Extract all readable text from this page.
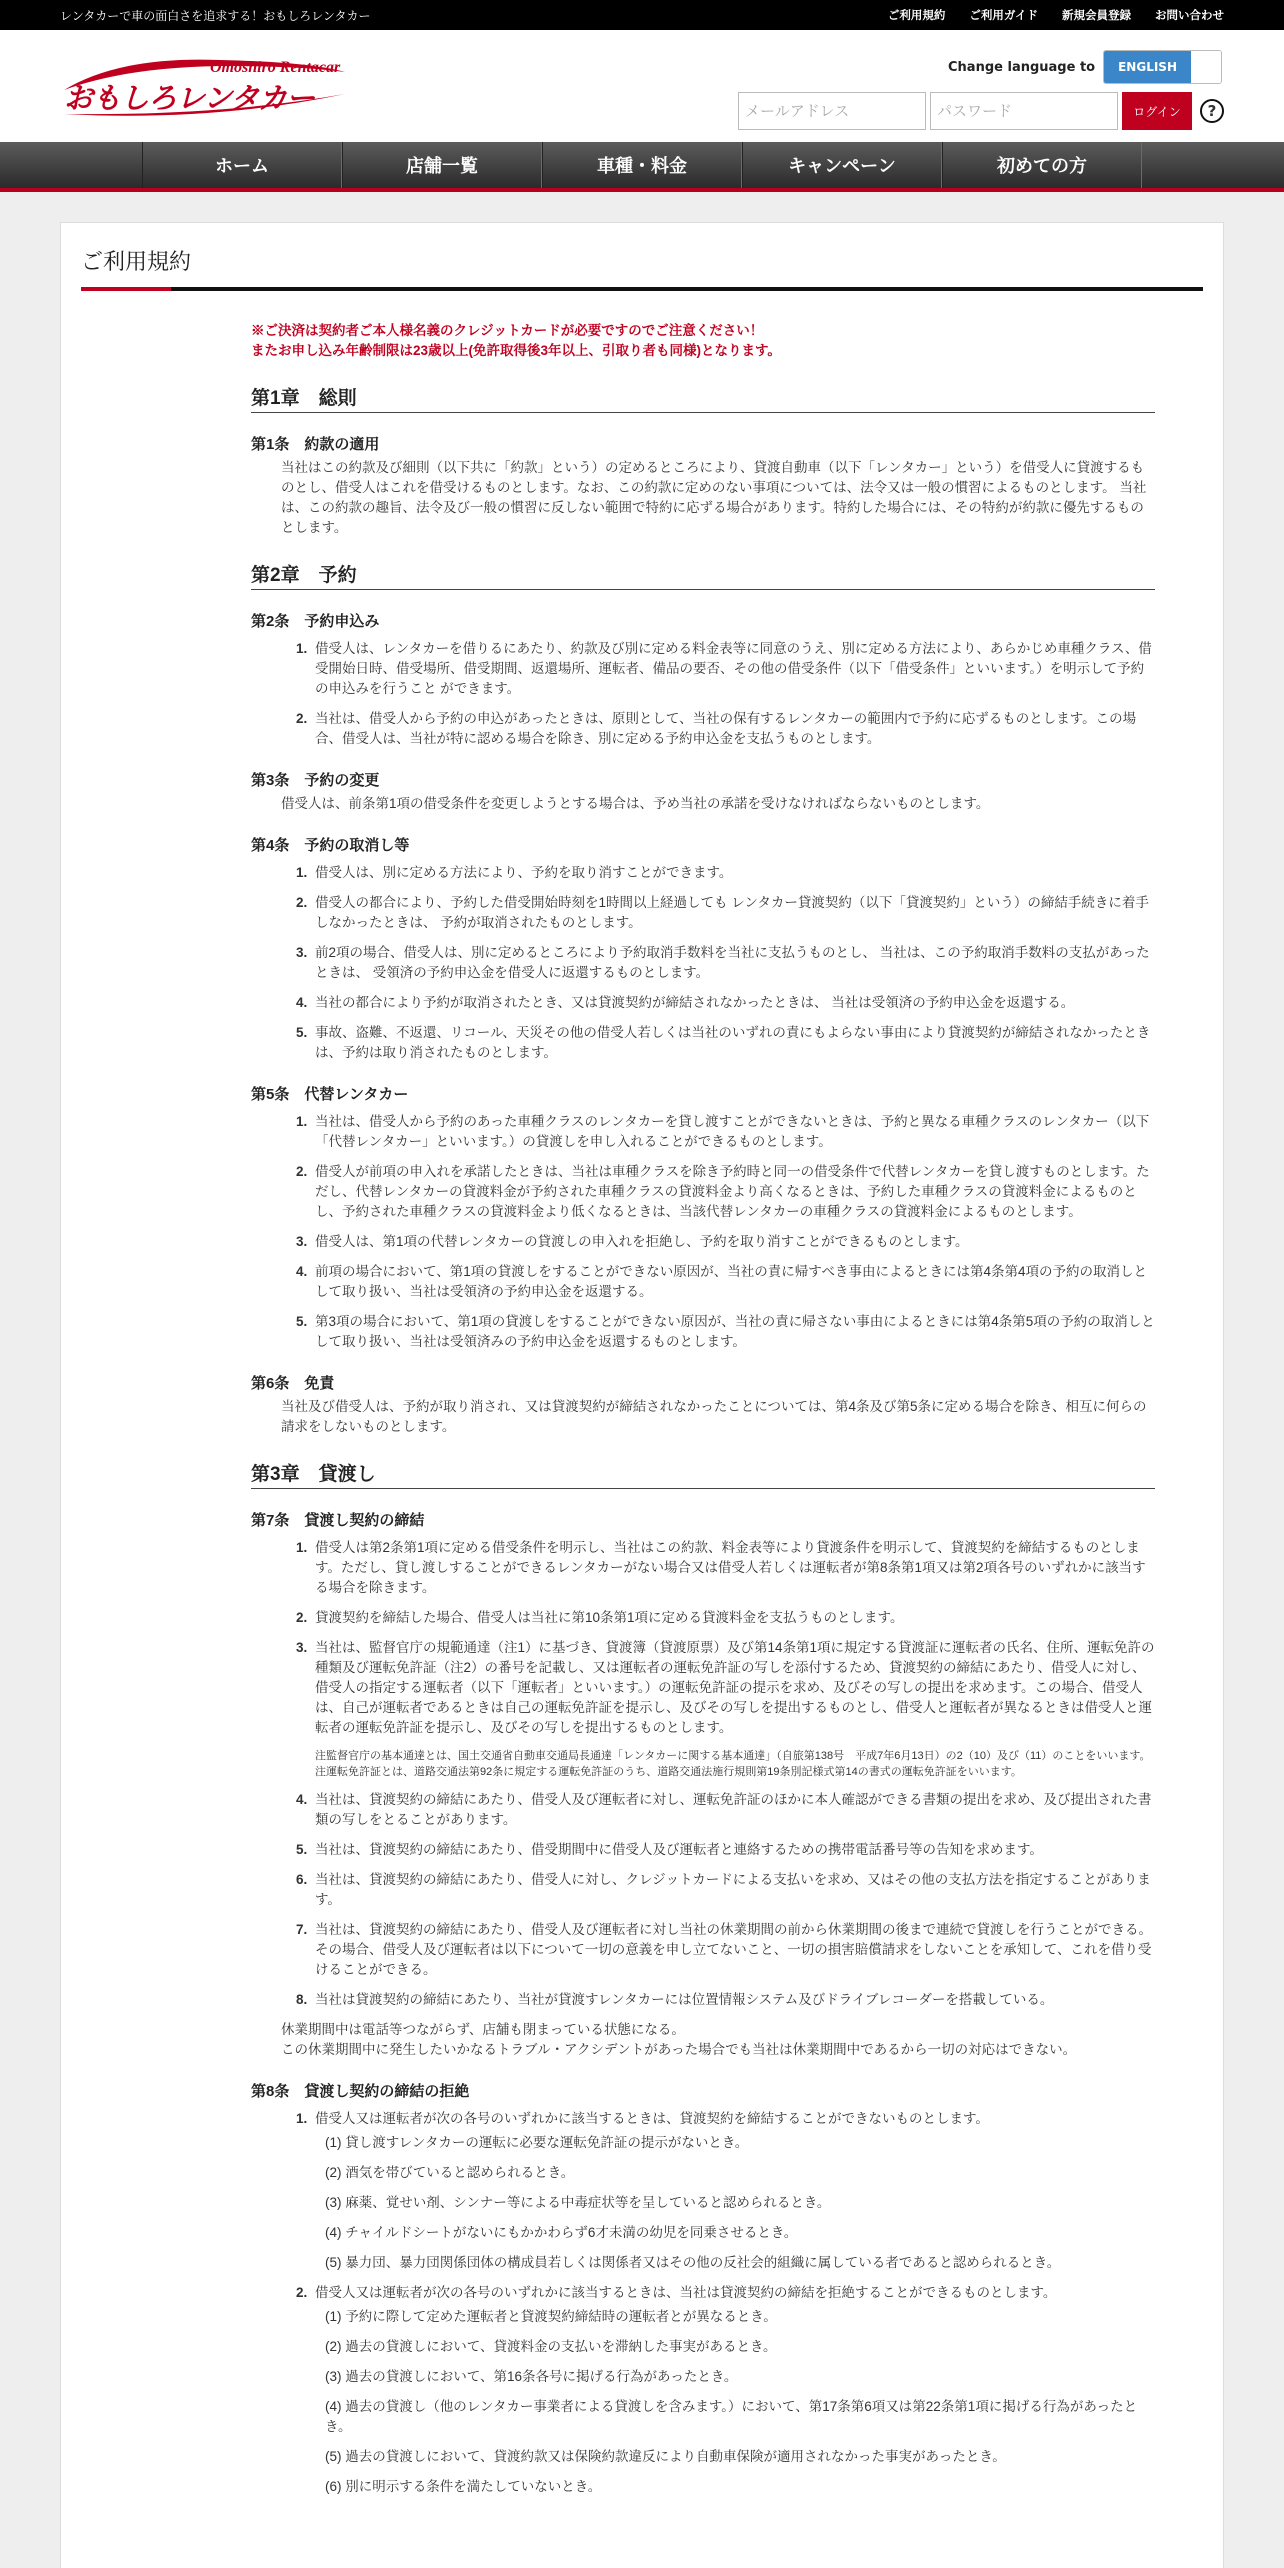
レンタカーで車の面白さを追求する！おもしろレンタカー	ご利用規約 ご利用ガイド 新規会員登録 お問い合わせ
Omoshiro Rentacar
おもしろレンタカー
Change language to	ENGLISH
メールアドレス
ログイン	?
ホーム	店舗一覧	車種・料金	キャンペーン	初めての方
ご利用規約
※ご決済は契約者ご本人様名義のクレジットカードが必要ですのでご注意ください！
またお申し込み年齢制限は23歳以上(免許取得後3年以上、引取り者も同様)となります。
第1章　総則
第1条　約款の適用
当社はこの約款及び細則（以下共に「約款」という）の定めるところにより、貸渡自動車（以下「レンタカー」という）を借受人に貸渡するものとし、借受人はこれを借受けるものとします。なお、この約款に定めのない事項については、法令又は一般の慣習によるものとします。 当社は、この約款の趣旨、法令及び一般の慣習に反しない範囲で特約に応ずる場合があります。特約した場合には、その特約が約款に優先するものとします。
第2章　予約
第2条　予約申込み
1. 借受人は、レンタカーを借りるにあたり、約款及び別に定める料金表等に同意のうえ、別に定める方法により、あらかじめ車種クラス、借受開始日時、借受場所、借受期間、返還場所、運転者、備品の要否、その他の借受条件（以下「借受条件」といいます。）を明示して予約の申込みを行うこと ができます。
2. 当社は、借受人から予約の申込があったときは、原則として、当社の保有するレンタカーの範囲内で予約に応ずるものとします。この場合、借受人は、当社が特に認める場合を除き、別に定める予約申込金を支払うものとします。
第3条　予約の変更
借受人は、前条第1項の借受条件を変更しようとする場合は、予め当社の承諾を受けなければならないものとします。
第4条　予約の取消し等
1. 借受人は、別に定める方法により、予約を取り消すことができます。
2. 借受人の都合により、予約した借受開始時刻を1時間以上経過しても レンタカー貸渡契約（以下「貸渡契約」という）の締結手続きに着手しなかったときは、 予約が取消されたものとします。
3. 前2項の場合、借受人は、別に定めるところにより予約取消手数料を当社に支払うものとし、 当社は、この予約取消手数料の支払があったときは、 受領済の予約申込金を借受人に返還するものとします。
4. 当社の都合により予約が取消されたとき、又は貸渡契約が締結されなかったときは、 当社は受領済の予約申込金を返還する。
5. 事故、盗難、不返還、リコール、天災その他の借受人若しくは当社のいずれの責にもよらない事由により貸渡契約が締結されなかったときは、予約は取り消されたものとします。
第5条　代替レンタカー
1. 当社は、借受人から予約のあった車種クラスのレンタカーを貸し渡すことができないときは、予約と異なる車種クラスのレンタカー（以下「代替レンタカー」といいます。）の貸渡しを申し入れることができるものとします。
2. 借受人が前項の申入れを承諾したときは、当社は車種クラスを除き予約時と同一の借受条件で代替レンタカーを貸し渡すものとします。ただし、代替レンタカーの貸渡料金が予約された車種クラスの貸渡料金より高くなるときは、予約した車種クラスの貸渡料金によるものとし、予約された車種クラスの貸渡料金より低くなるときは、当該代替レンタカーの車種クラスの貸渡料金によるものとします。
3. 借受人は、第1項の代替レンタカーの貸渡しの申入れを拒絶し、予約を取り消すことができるものとします。
4. 前項の場合において、第1項の貸渡しをすることができない原因が、当社の責に帰すべき事由によるときには第4条第4項の予約の取消しとして取り扱い、当社は受領済の予約申込金を返還する。
5. 第3項の場合において、第1項の貸渡しをすることができない原因が、当社の責に帰さない事由によるときには第4条第5項の予約の取消しとして取り扱い、当社は受領済みの予約申込金を返還するものとします。
第6条　免責
当社及び借受人は、予約が取り消され、又は貸渡契約が締結されなかったことについては、第4条及び第5条に定める場合を除き、相互に何らの請求をしないものとします。
第3章　貸渡し
第7条　貸渡し契約の締結
1. 借受人は第2条第1項に定める借受条件を明示し、当社はこの約款、料金表等により貸渡条件を明示して、貸渡契約を締結するものとします。ただし、貸し渡しすることができるレンタカーがない場合又は借受人若しくは運転者が第8条第1項又は第2項各号のいずれかに該当する場合を除きます。
2. 貸渡契約を締結した場合、借受人は当社に第10条第1項に定める貸渡料金を支払うものとします。
3. 当社は、監督官庁の規範通達（注1）に基づき、貸渡簿（貸渡原票）及び第14条第1項に規定する貸渡証に運転者の氏名、住所、運転免許の種類及び運転免許証（注2）の番号を記載し、又は運転者の運転免許証の写しを添付するため、貸渡契約の締結にあたり、借受人に対し、借受人の指定する運転者（以下「運転者」といいます。）の運転免許証の提示を求め、及びその写しの提出を求めます。この場合、借受人は、自己が運転者であるときは自己の運転免許証を提示し、及びその写しを提出するものとし、借受人と運転者が異なるときは借受人と運転者の運転免許証を提示し、及びその写しを提出するものとします。
注監督官庁の基本通達とは、国土交通省自動車交通局長通達「レンタカーに関する基本通達」（自旅第138号　平成7年6月13日）の2（10）及び（11）のことをいいます。
注運転免許証とは、道路交通法第92条に規定する運転免許証のうち、道路交通法施行規則第19条別記様式第14の書式の運転免許証をいいます。
4. 当社は、貸渡契約の締結にあたり、借受人及び運転者に対し、運転免許証のほかに本人確認ができる書類の提出を求め、及び提出された書類の写しをとることがあります。
5. 当社は、貸渡契約の締結にあたり、借受期間中に借受人及び運転者と連絡するための携帯電話番号等の告知を求めます。
6. 当社は、貸渡契約の締結にあたり、借受人に対し、クレジットカードによる支払いを求め、又はその他の支払方法を指定することがあります。
7. 当社は、貸渡契約の締結にあたり、借受人及び運転者に対し当社の休業期間の前から休業期間の後まで連続で貸渡しを行うことができる。その場合、借受人及び運転者は以下について一切の意義を申し立てないこと、一切の損害賠償請求をしないことを承知して、これを借り受けることができる。
8. 当社は貸渡契約の締結にあたり、当社が貸渡すレンタカーには位置情報システム及びドライブレコーダーを搭載している。
休業期間中は電話等つながらず、店舗も閉まっている状態になる。
この休業期間中に発生したいかなるトラブル・アクシデントがあった場合でも当社は休業期間中であるから一切の対応はできない。
第8条　貸渡し契約の締結の拒絶
1. 借受人又は運転者が次の各号のいずれかに該当するときは、貸渡契約を締結することができないものとします。
(1) 貸し渡すレンタカーの運転に必要な運転免許証の提示がないとき。
(2) 酒気を帯びていると認められるとき。
(3) 麻薬、覚せい剤、シンナー等による中毒症状等を呈していると認められるとき。
(4) チャイルドシートがないにもかかわらず6才未満の幼児を同乗させるとき。
(5) 暴力団、暴力団関係団体の構成員若しくは関係者又はその他の反社会的組織に属している者であると認められるとき。
2. 借受人又は運転者が次の各号のいずれかに該当するときは、当社は貸渡契約の締結を拒絶することができるものとします。
(1) 予約に際して定めた運転者と貸渡契約締結時の運転者とが異なるとき。
(2) 過去の貸渡しにおいて、貸渡料金の支払いを滞納した事実があるとき。
(3) 過去の貸渡しにおいて、第16条各号に掲げる行為があったとき。
(4) 過去の貸渡し（他のレンタカー事業者による貸渡しを含みます。）において、第17条第6項又は第22条第1項に掲げる行為があったとき。
(5) 過去の貸渡しにおいて、貸渡約款又は保険約款違反により自動車保険が適用されなかった事実があったとき。
(6) 別に明示する条件を満たしていないとき。
